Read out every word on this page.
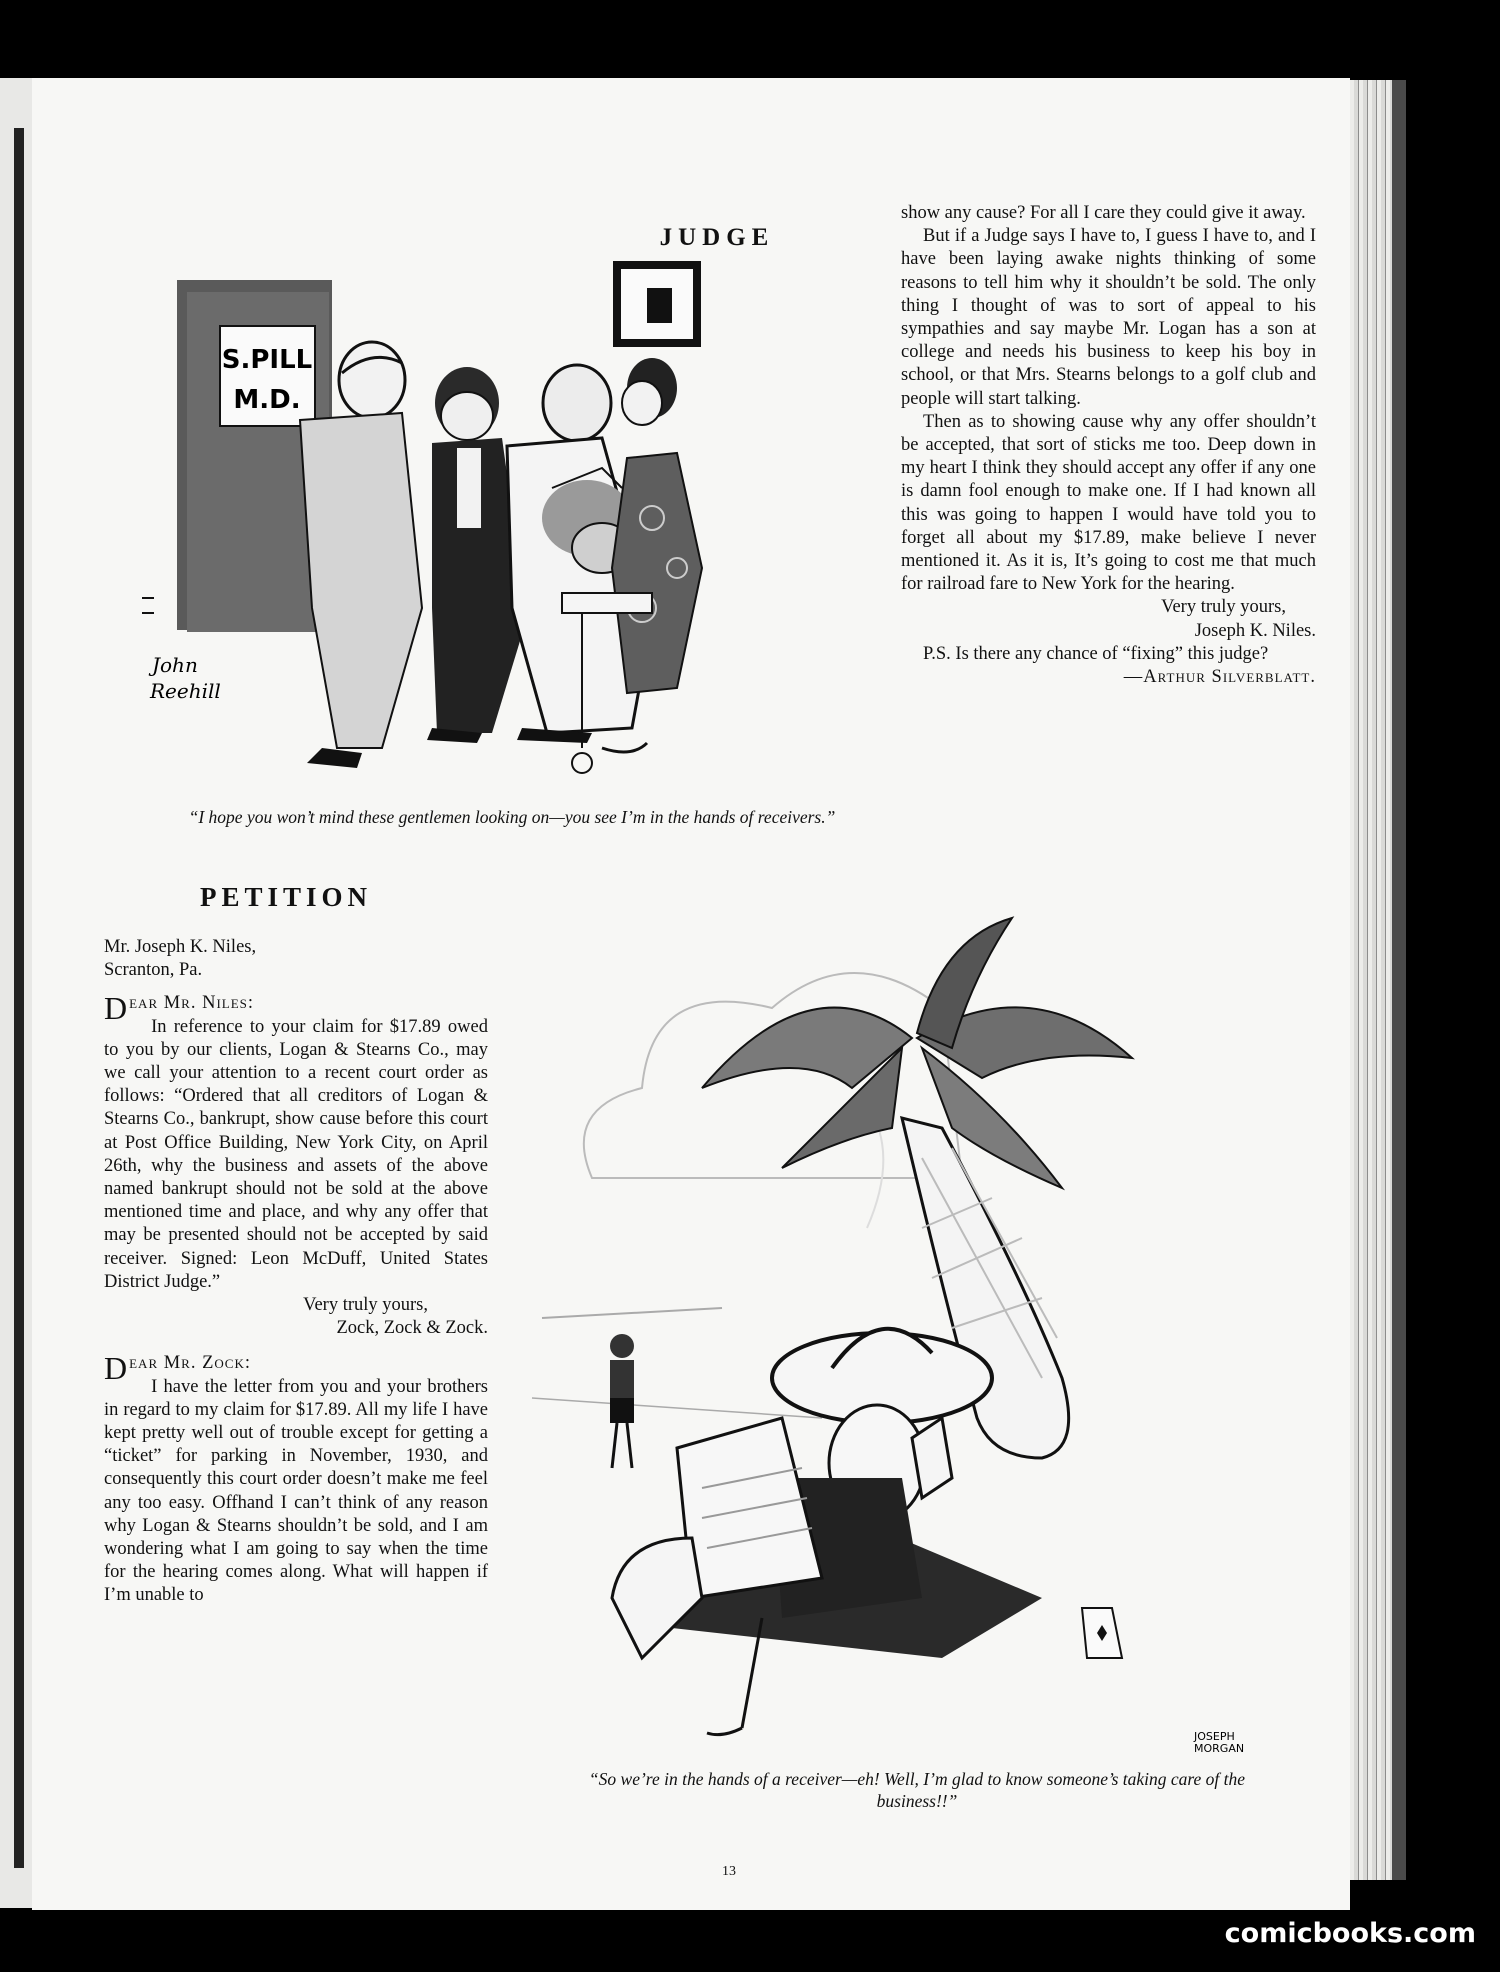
JUDGE
S.PILL
M.D.
John
Reehill
“I hope you won’t mind these gentlemen looking on—you see I’m in the hands of receivers.”

show any cause? For all I care they could give it away.

But if a Judge says I have to, I guess I have to, and I have been laying awake nights thinking of some reasons to tell him why it shouldn’t be sold. The only thing I thought of was to sort of appeal to his sympathies and say maybe Mr. Logan has a son at college and needs his business to keep his boy in school, or that Mrs. Stearns belongs to a golf club and people will start talking.

Then as to showing cause why any offer shouldn’t be accepted, that sort of sticks me too. Deep down in my heart I think they should accept any offer if any one is damn fool enough to make one. If I had known all this was going to happen I would have told you to forget all about my $17.89, make believe I never mentioned it. As it is, It’s going to cost me that much for railroad fare to New York for the hearing.

Very truly yours,

Joseph K. Niles.

P.S. Is there any chance of “fixing” this judge?

—Arthur Silverblatt.

PETITION

Mr. Joseph K. Niles,

Scranton, Pa.

Dear Mr. Niles:

In reference to your claim for $17.89 owed to you by our clients, Logan & Stearns Co., may we call your attention to a recent court order as follows: “Ordered that all creditors of Logan & Stearns Co., bankrupt, show cause before this court at Post Office Building, New York City, on April 26th, why the business and assets of the above named bankrupt should not be sold at the above mentioned time and place, and why any offer that may be presented should not be accepted by said receiver. Signed: Leon McDuff, United States District Judge.”

Very truly yours,

Zock, Zock & Zock.

Dear Mr. Zock:

I have the letter from you and your brothers in regard to my claim for $17.89. All my life I have kept pretty well out of trouble except for getting a “ticket” for parking in November, 1930, and consequently this court order doesn’t make me feel any too easy. Offhand I can’t think of any reason why Logan & Stearns shouldn’t be sold, and I am wondering what I am going to say when the time for the hearing comes along. What will happen if I’m unable to

JOSEPH
MORGAN
“So we’re in the hands of a receiver—eh! Well, I’m glad to know someone’s taking care of the business!!”
13
comicbooks.com
